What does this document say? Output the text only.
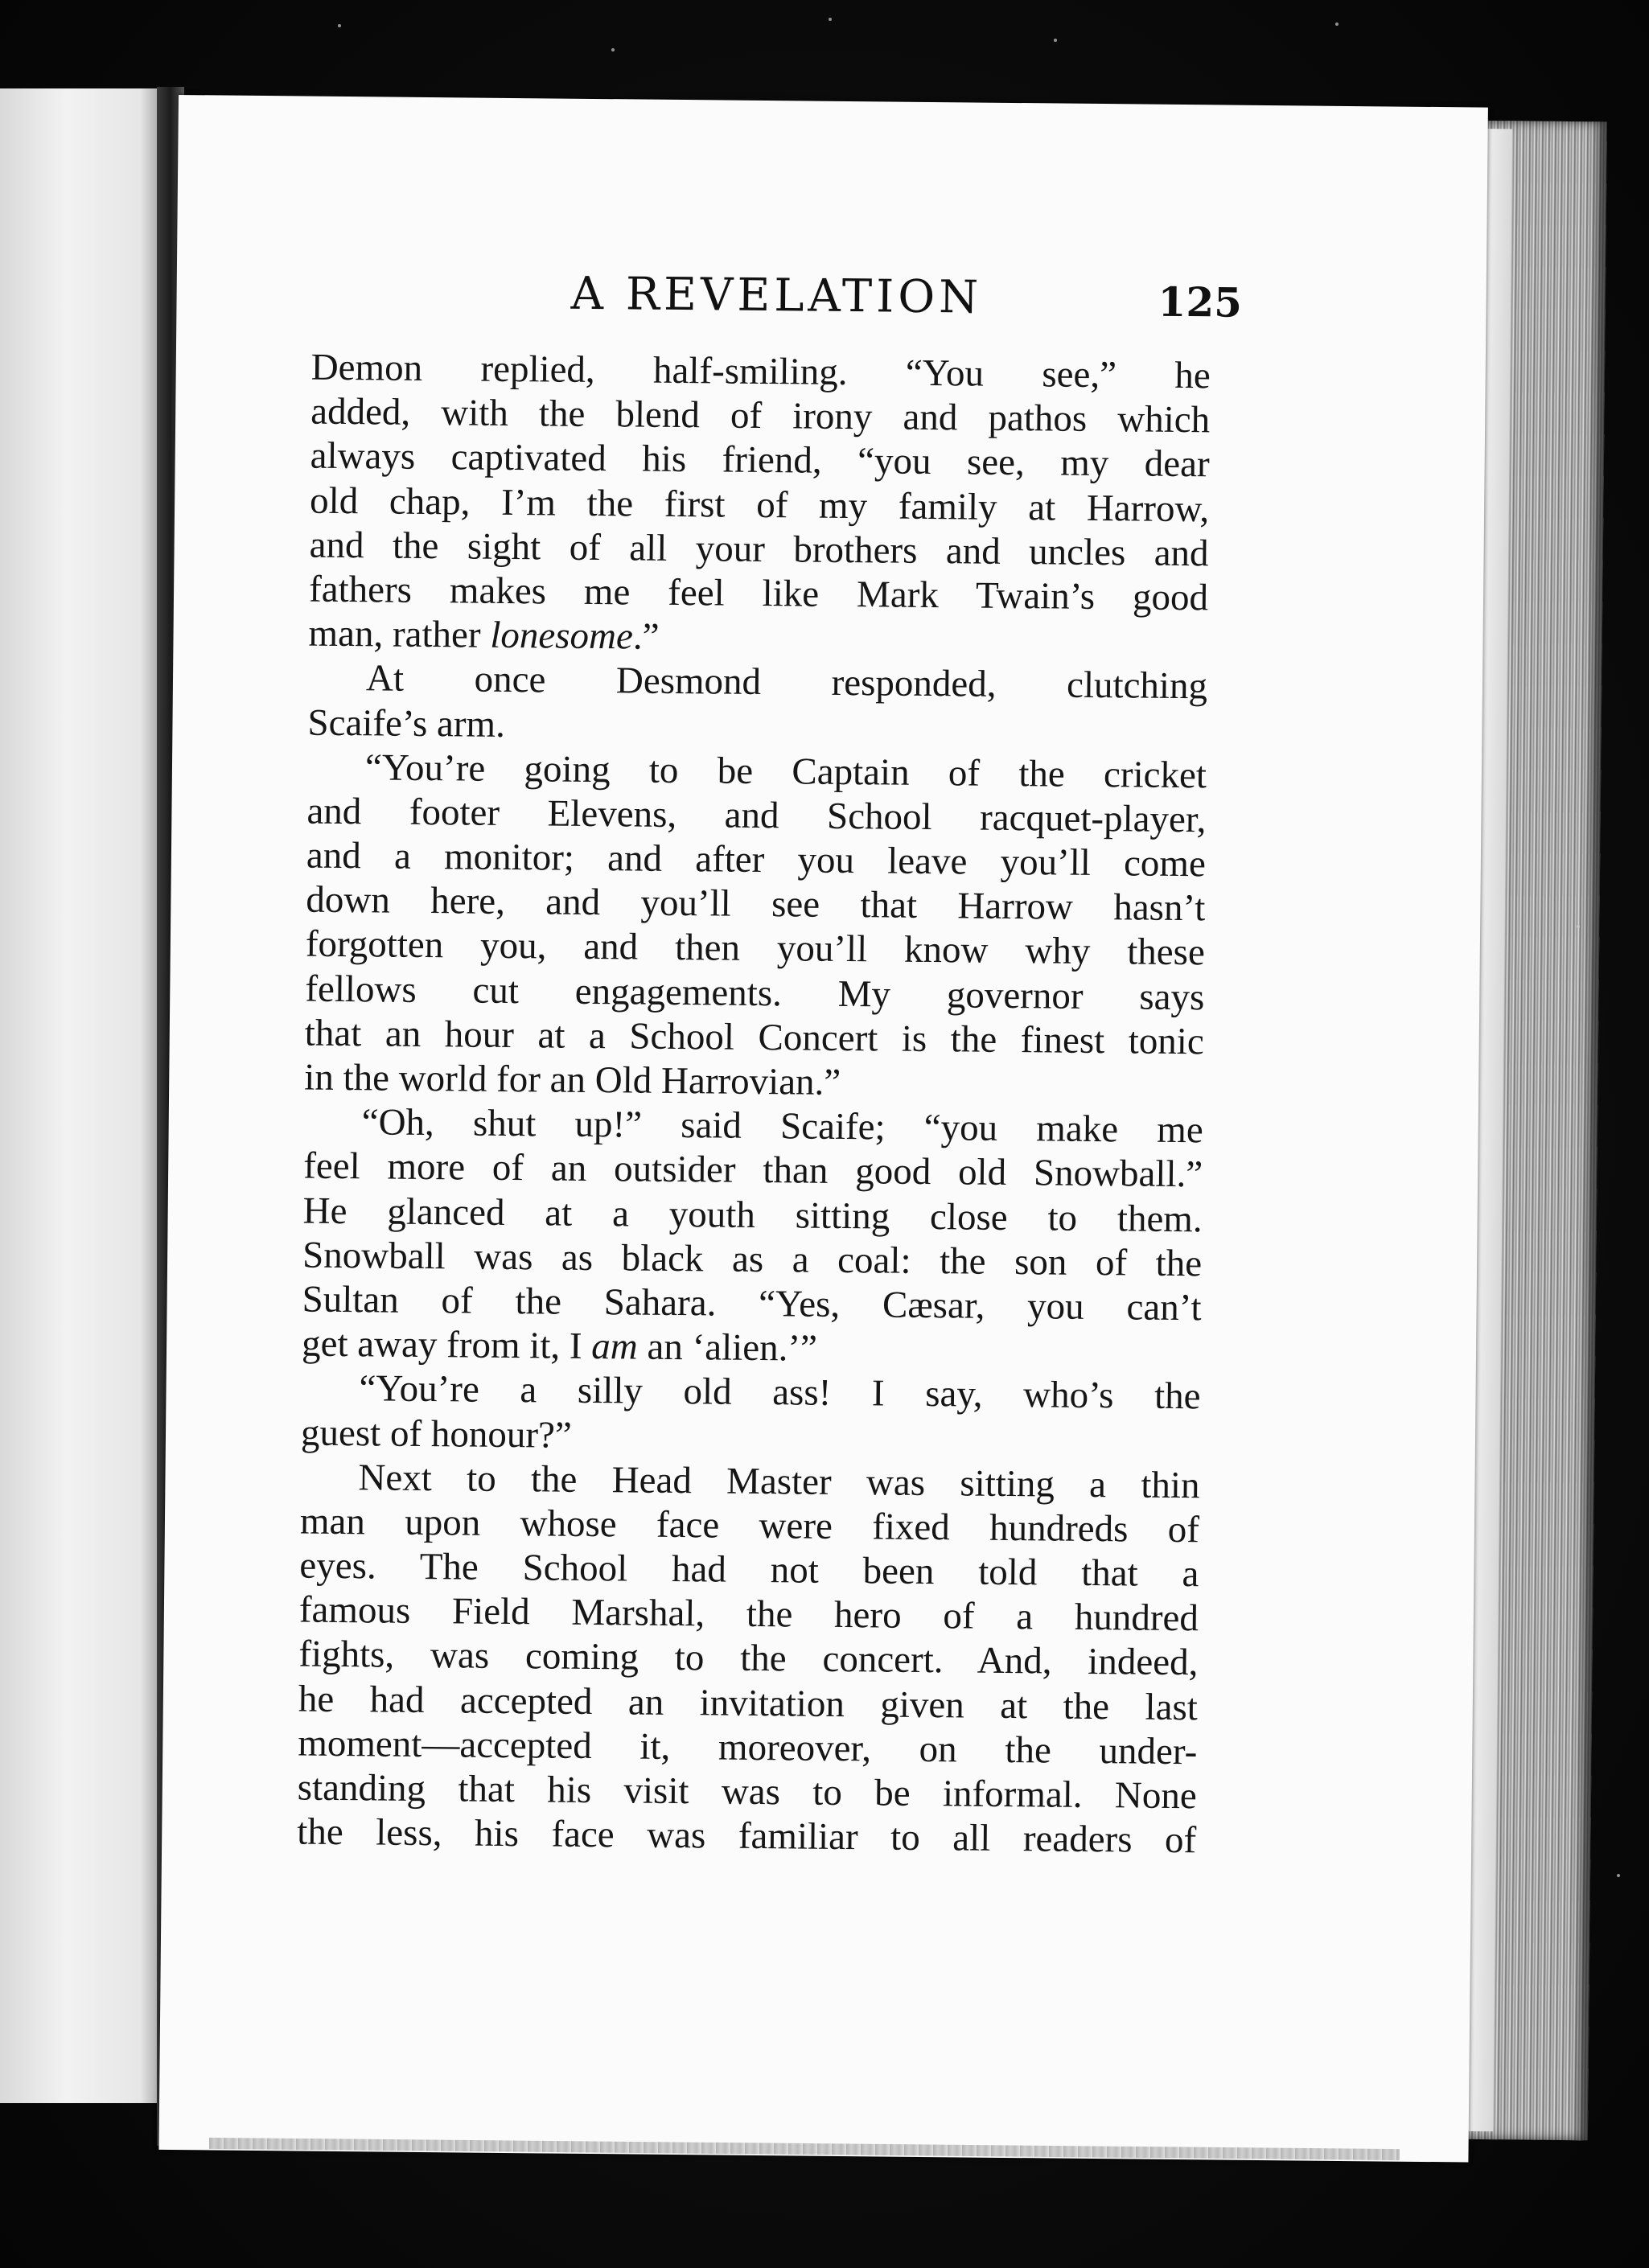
A REVELATION	125
Demon replied, half-smiling. “You see,” he
added, with the blend of irony and pathos which
always captivated his friend, “you see, my dear
old chap, I’m the first of my family at Harrow,
and the sight of all your brothers and uncles and
fathers makes me feel like Mark Twain’s good
man, rather lonesome.”
At once Desmond responded, clutching
Scaife’s arm.
“You’re going to be Captain of the cricket
and footer Elevens, and School racquet-player,
and a monitor; and after you leave you’ll come
down here, and you’ll see that Harrow hasn’t
forgotten you, and then you’ll know why these
fellows cut engagements. My governor says
that an hour at a School Concert is the finest tonic
in the world for an Old Harrovian.”
“Oh, shut up!” said Scaife; “you make me
feel more of an outsider than good old Snowball.”
He glanced at a youth sitting close to them.
Snowball was as black as a coal: the son of the
Sultan of the Sahara. “Yes, Cæsar, you can’t
get away from it, I am an ‘alien.’”
“You’re a silly old ass! I say, who’s the
guest of honour?”
Next to the Head Master was sitting a thin
man upon whose face were fixed hundreds of
eyes. The School had not been told that a
famous Field Marshal, the hero of a hundred
fights, was coming to the concert. And, indeed,
he had accepted an invitation given at the last
moment—accepted it, moreover, on the under-
standing that his visit was to be informal. None
the less, his face was familiar to all readers of
